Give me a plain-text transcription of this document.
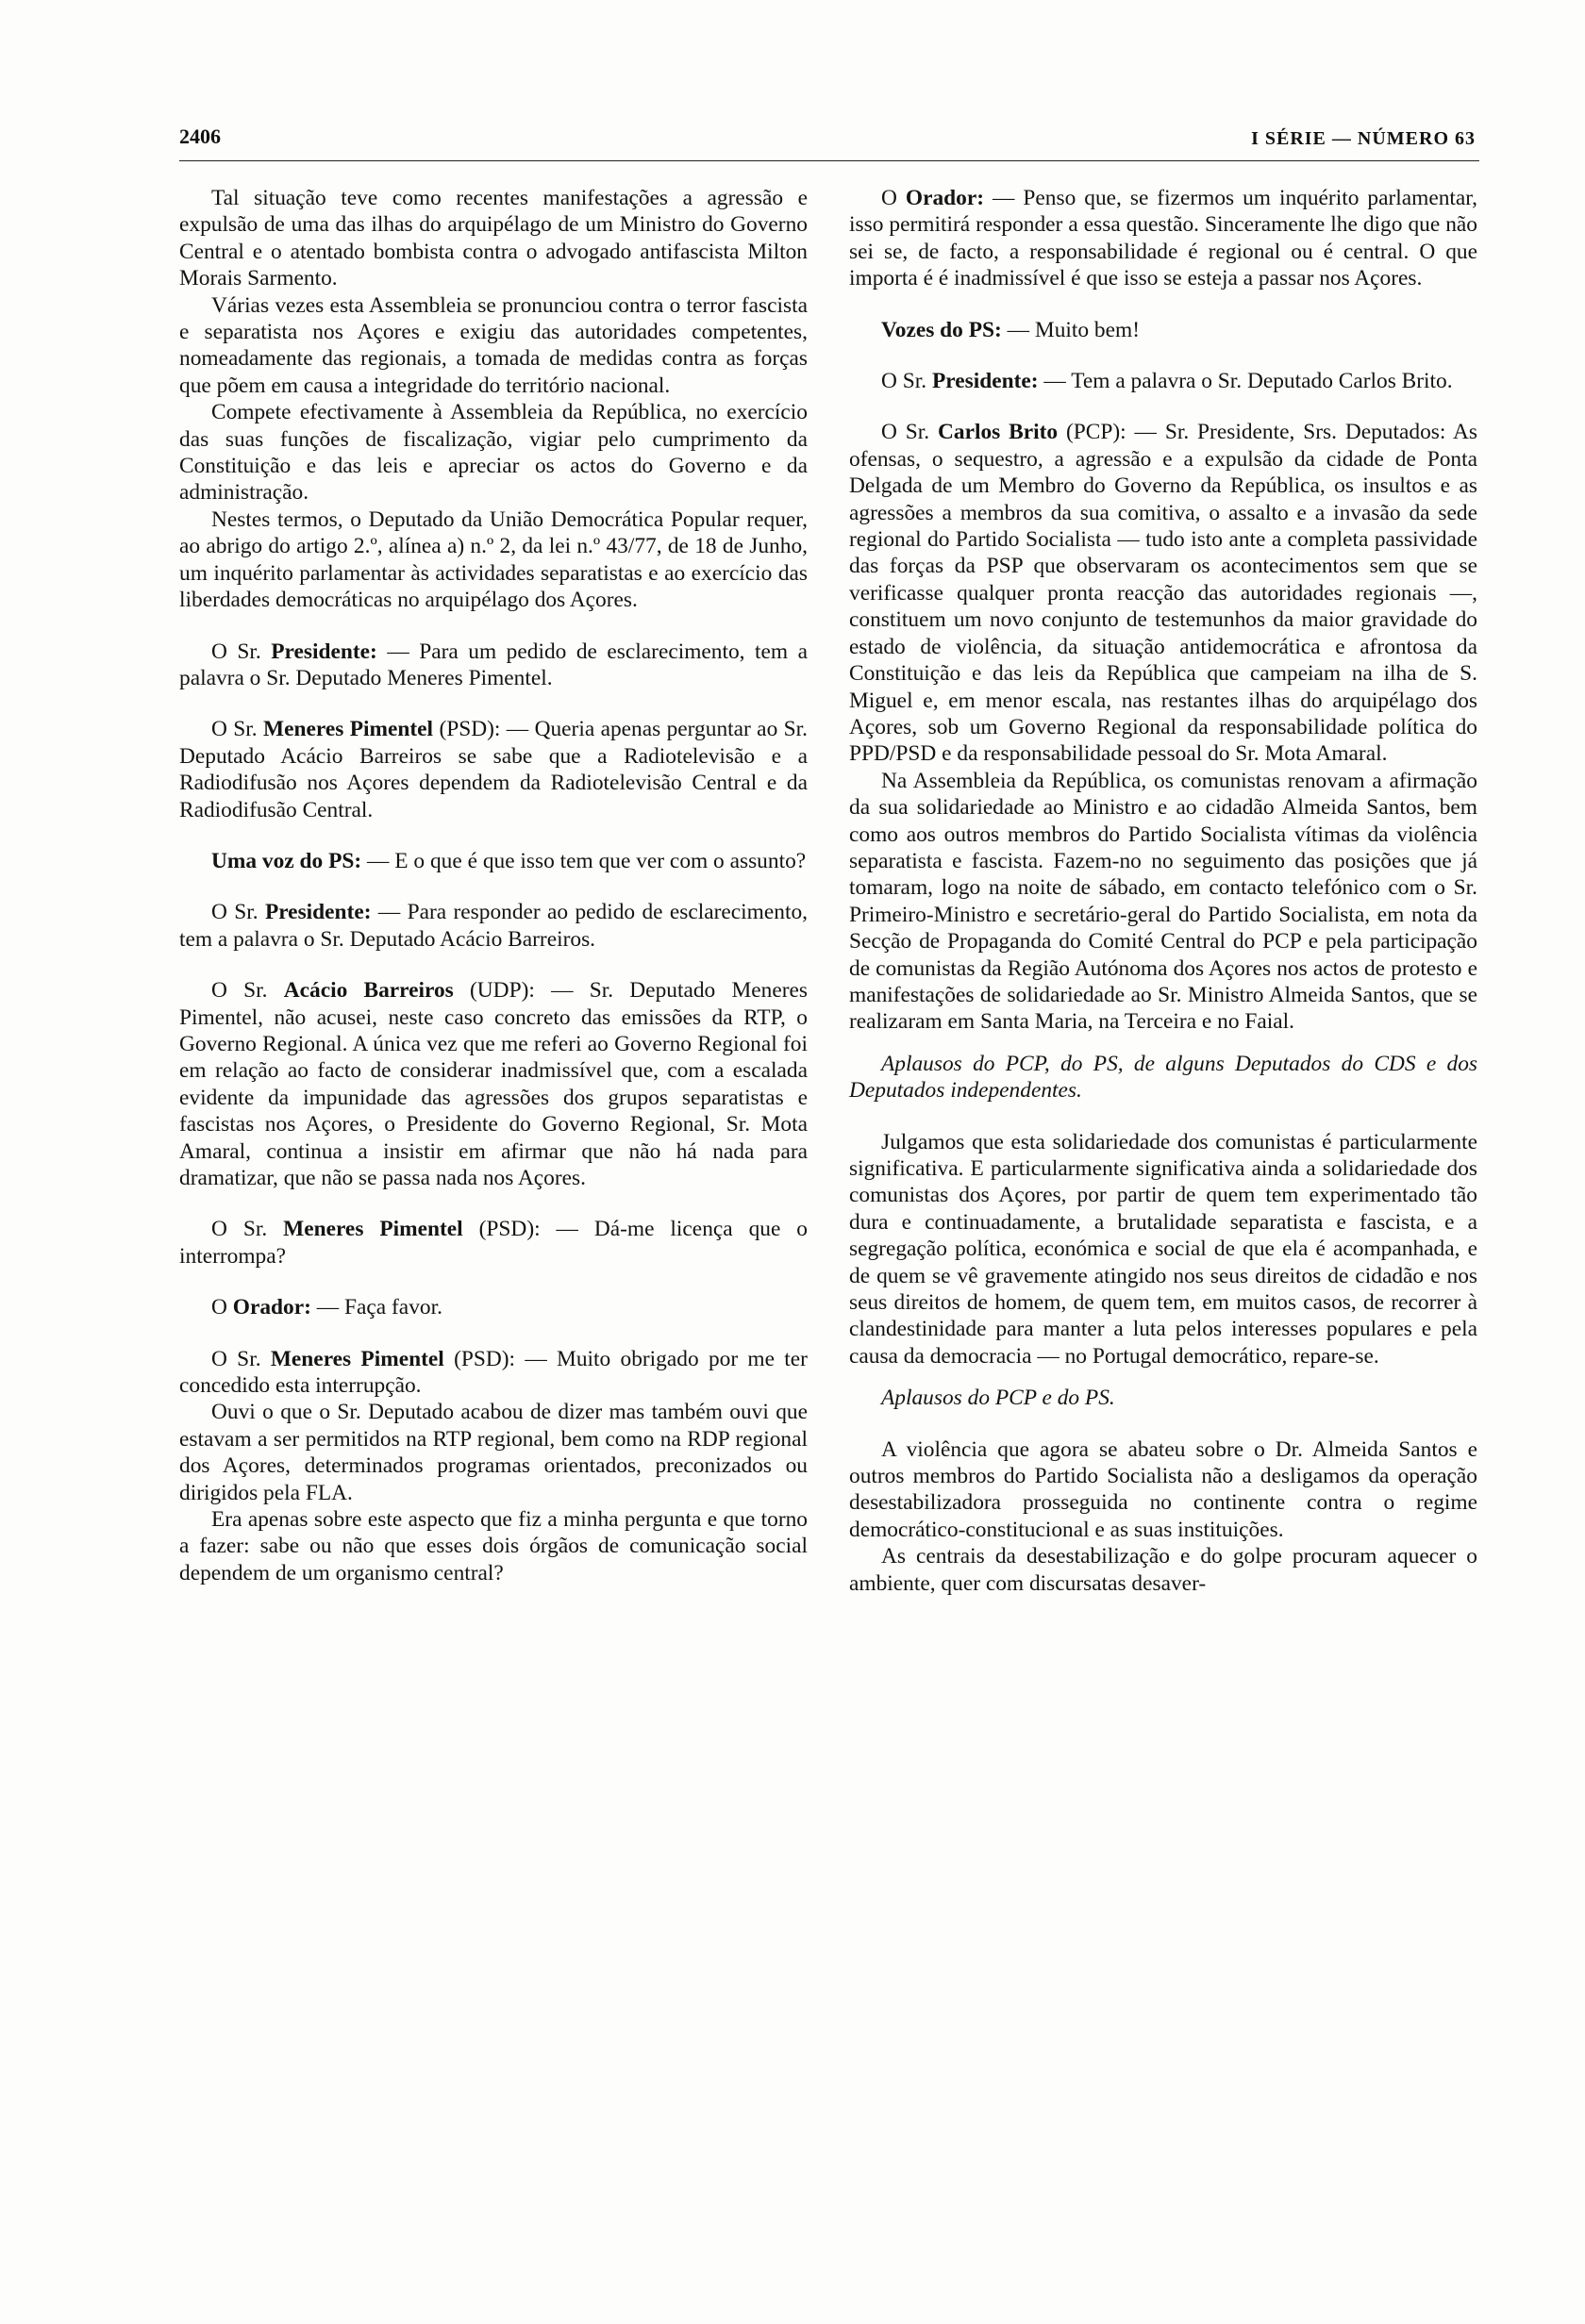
2406	I SÉRIE — NÚMERO 63

Tal situação teve como recentes manifestações a agressão e expulsão de uma das ilhas do arquipélago de um Ministro do Governo Central e o atentado bombista contra o advogado antifascista Milton Morais Sarmento.

Várias vezes esta Assembleia se pronunciou contra o terror fascista e separatista nos Açores e exigiu das autoridades competentes, nomeadamente das regionais, a tomada de medidas contra as forças que põem em causa a integridade do território nacional.

Compete efectivamente à Assembleia da República, no exercício das suas funções de fiscalização, vigiar pelo cumprimento da Constituição e das leis e apreciar os actos do Governo e da administração.

Nestes termos, o Deputado da União Democrática Popular requer, ao abrigo do artigo 2.º, alínea a) n.º 2, da lei n.º 43/77, de 18 de Junho, um inquérito parlamentar às actividades separatistas e ao exercício das liberdades democráticas no arquipélago dos Açores.

O Sr. Presidente: — Para um pedido de esclarecimento, tem a palavra o Sr. Deputado Meneres Pimentel.

O Sr. Meneres Pimentel (PSD): — Queria apenas perguntar ao Sr. Deputado Acácio Barreiros se sabe que a Radiotelevisão e a Radiodifusão nos Açores dependem da Radiotelevisão Central e da Radiodifusão Central.

Uma voz do PS: — E o que é que isso tem que ver com o assunto?

O Sr. Presidente: — Para responder ao pedido de esclarecimento, tem a palavra o Sr. Deputado Acácio Barreiros.

O Sr. Acácio Barreiros (UDP): — Sr. Deputado Meneres Pimentel, não acusei, neste caso concreto das emissões da RTP, o Governo Regional. A única vez que me referi ao Governo Regional foi em relação ao facto de considerar inadmissível que, com a escalada evidente da impunidade das agressões dos grupos separatistas e fascistas nos Açores, o Presidente do Governo Regional, Sr. Mota Amaral, continua a insistir em afirmar que não há nada para dramatizar, que não se passa nada nos Açores.

O Sr. Meneres Pimentel (PSD): — Dá-me licença que o interrompa?

O Orador: — Faça favor.

O Sr. Meneres Pimentel (PSD): — Muito obrigado por me ter concedido esta interrupção.

Ouvi o que o Sr. Deputado acabou de dizer mas também ouvi que estavam a ser permitidos na RTP regional, bem como na RDP regional dos Açores, determinados programas orientados, preconizados ou dirigidos pela FLA.

Era apenas sobre este aspecto que fiz a minha pergunta e que torno a fazer: sabe ou não que esses dois órgãos de comunicação social dependem de um organismo central?

O Orador: — Penso que, se fizermos um inquérito parlamentar, isso permitirá responder a essa questão. Sinceramente lhe digo que não sei se, de facto, a responsabilidade é regional ou é central. O que importa é é inadmissível é que isso se esteja a passar nos Açores.

Vozes do PS: — Muito bem!

O Sr. Presidente: — Tem a palavra o Sr. Deputado Carlos Brito.

O Sr. Carlos Brito (PCP): — Sr. Presidente, Srs. Deputados: As ofensas, o sequestro, a agressão e a expulsão da cidade de Ponta Delgada de um Membro do Governo da República, os insultos e as agressões a membros da sua comitiva, o assalto e a invasão da sede regional do Partido Socialista — tudo isto ante a completa passividade das forças da PSP que observaram os acontecimentos sem que se verificasse qualquer pronta reacção das autoridades regionais —, constituem um novo conjunto de testemunhos da maior gravidade do estado de violência, da situação antidemocrática e afrontosa da Constituição e das leis da República que campeiam na ilha de S. Miguel e, em menor escala, nas restantes ilhas do arquipélago dos Açores, sob um Governo Regional da responsabilidade política do PPD/PSD e da responsabilidade pessoal do Sr. Mota Amaral.

Na Assembleia da República, os comunistas renovam a afirmação da sua solidariedade ao Ministro e ao cidadão Almeida Santos, bem como aos outros membros do Partido Socialista vítimas da violência separatista e fascista. Fazem-no no seguimento das posições que já tomaram, logo na noite de sábado, em contacto telefónico com o Sr. Primeiro-Ministro e secretário-geral do Partido Socialista, em nota da Secção de Propaganda do Comité Central do PCP e pela participação de comunistas da Região Autónoma dos Açores nos actos de protesto e manifestações de solidariedade ao Sr. Ministro Almeida Santos, que se realizaram em Santa Maria, na Terceira e no Faial.

Aplausos do PCP, do PS, de alguns Deputados do CDS e dos Deputados independentes.

Julgamos que esta solidariedade dos comunistas é particularmente significativa. E particularmente significativa ainda a solidariedade dos comunistas dos Açores, por partir de quem tem experimentado tão dura e continuadamente, a brutalidade separatista e fascista, e a segregação política, económica e social de que ela é acompanhada, e de quem se vê gravemente atingido nos seus direitos de cidadão e nos seus direitos de homem, de quem tem, em muitos casos, de recorrer à clandestinidade para manter a luta pelos interesses populares e pela causa da democracia — no Portugal democrático, repare-se.

Aplausos do PCP e do PS.

A violência que agora se abateu sobre o Dr. Almeida Santos e outros membros do Partido Socialista não a desligamos da operação desestabilizadora prosseguida no continente contra o regime democrático-constitucional e as suas instituições.

As centrais da desestabilização e do golpe procuram aquecer o ambiente, quer com discursatas desaver-
